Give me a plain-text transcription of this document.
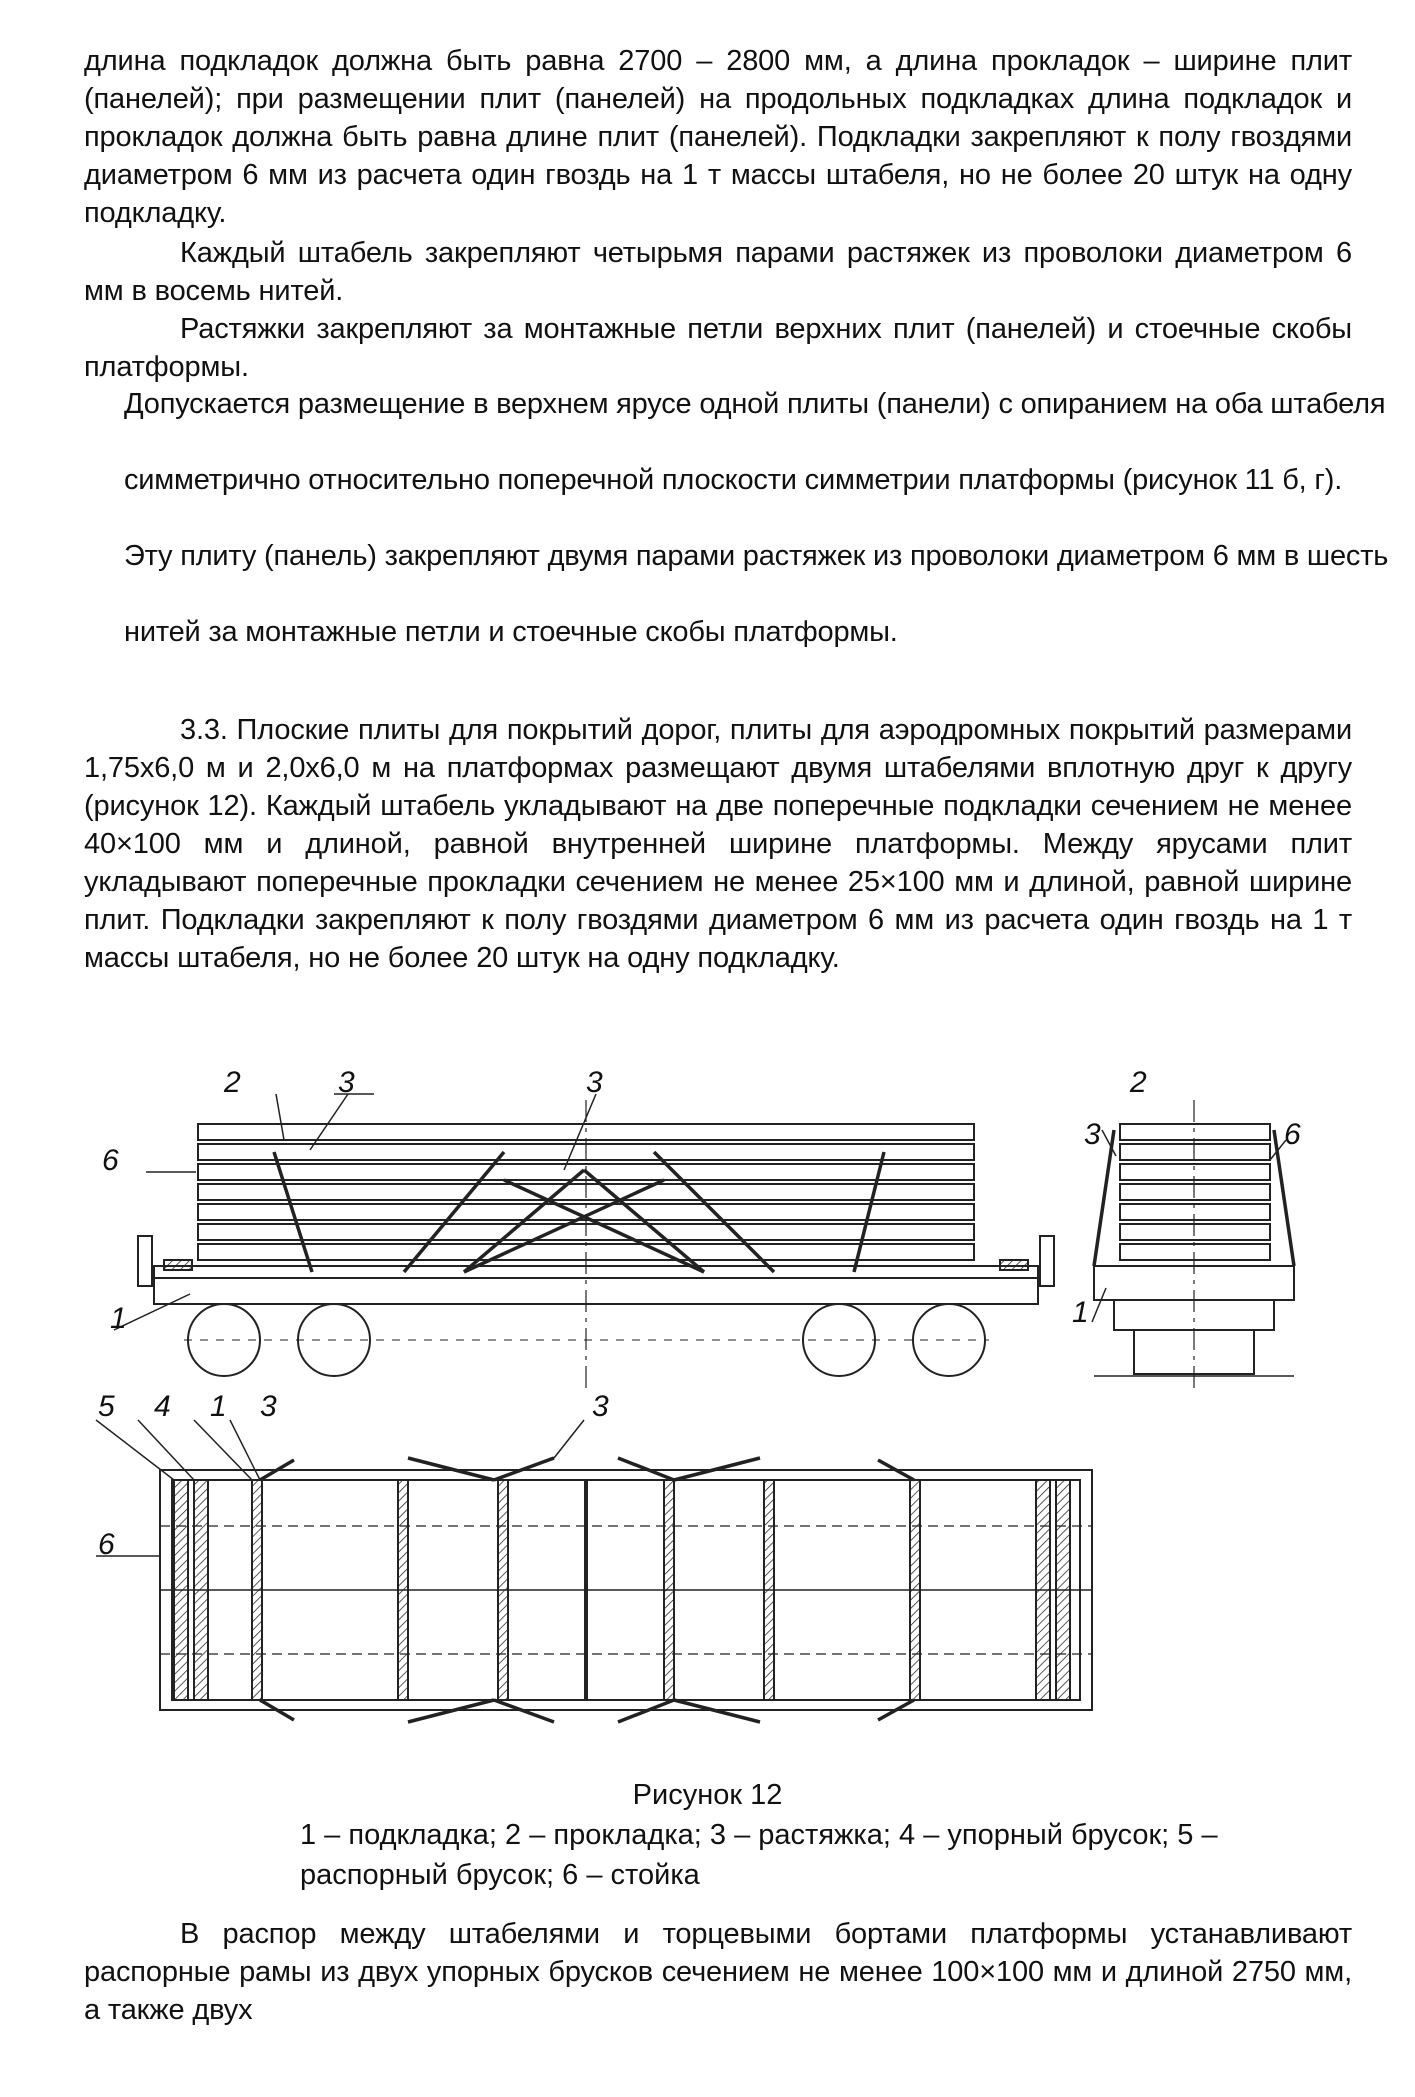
длина подкладок должна быть равна 2700 – 2800 мм, а длина прокладок – ширине плит (панелей); при размещении плит (панелей) на продольных подкладках длина подкладок и прокладок должна быть равна длине плит (панелей). Подкладки закрепляют к полу гвоздями диаметром 6 мм из расчета один гвоздь на 1 т массы штабеля, но не более 20 штук на одну подкладку.

Каждый штабель закрепляют четырьмя парами растяжек из проволоки диаметром 6 мм в восемь нитей.

Растяжки закрепляют за монтажные петли верхних плит (панелей) и стоечные скобы платформы.

Допускается размещение в верхнем ярусе одной плиты (панели) с опиранием на оба штабеля
симметрично относительно поперечной плоскости симметрии платформы (рисунок 11 б, г).
Эту плиту (панель) закрепляют двумя парами растяжек из проволоки диаметром 6 мм в шесть
нитей за монтажные петли и стоечные скобы платформы.

3.3. Плоские плиты для покрытий дорог, плиты для аэродромных покрытий размерами 1,75х6,0 м и 2,0х6,0 м на платформах размещают двумя штабелями вплотную друг к другу (рисунок 12). Каждый штабель укладывают на две поперечные подкладки сечением не менее 40×100 мм и длиной, равной внутренней ширине платформы. Между ярусами плит укладывают поперечные прокладки сечением не менее 25×100 мм и длиной, равной ширине плит. Подкладки закрепляют к полу гвоздями диаметром 6 мм из расчета один гвоздь на 1 т массы штабеля, но не более 20 штук на одну подкладку.

2	3	3
6
1
2
3	6
1
5 4 1 3	3
6
Рисунок 12
1 – подкладка; 2 – прокладка; 3 – растяжка; 4 – упорный брусок; 5 – распорный брусок; 6 – стойка

В распор между штабелями и торцевыми бортами платформы устанавливают распорные рамы из двух упорных брусков сечением не менее 100×100 мм и длиной 2750 мм, а также двух
